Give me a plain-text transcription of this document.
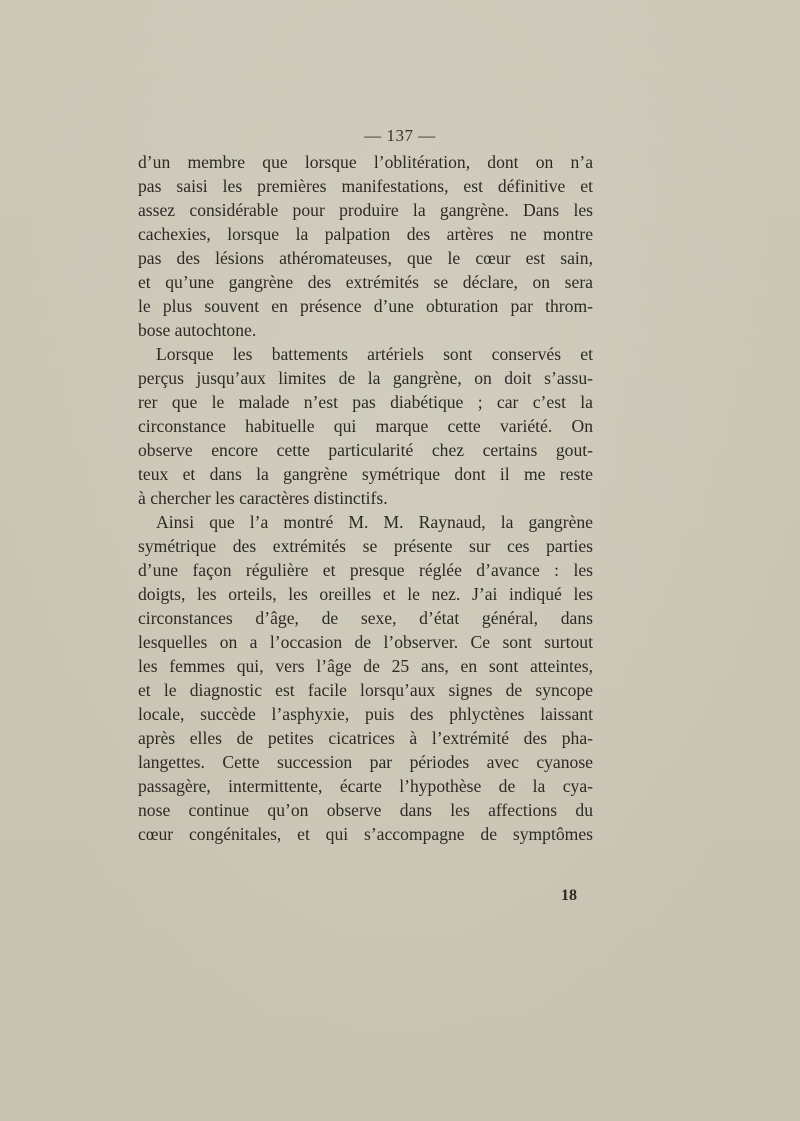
— 137 —
d’un membre que lorsque l’oblitération, dont on n’a
pas saisi les premières manifestations, est définitive et
assez considérable pour produire la gangrène. Dans les
cachexies, lorsque la palpation des artères ne montre
pas des lésions athéromateuses, que le cœur est sain,
et qu’une gangrène des extrémités se déclare, on sera
le plus souvent en présence d’une obturation par throm-
bose autochtone.
Lorsque les battements artériels sont conservés et
perçus jusqu’aux limites de la gangrène, on doit s’assu-
rer que le malade n’est pas diabétique ; car c’est la
circonstance habituelle qui marque cette variété. On
observe encore cette particularité chez certains gout-
teux et dans la gangrène symétrique dont il me reste
à chercher les caractères distinctifs.
Ainsi que l’a montré M. M. Raynaud, la gangrène
symétrique des extrémités se présente sur ces parties
d’une façon régulière et presque réglée d’avance : les
doigts, les orteils, les oreilles et le nez. J’ai indiqué les
circonstances d’âge, de sexe, d’état général, dans
lesquelles on a l’occasion de l’observer. Ce sont surtout
les femmes qui, vers l’âge de 25 ans, en sont atteintes,
et le diagnostic est facile lorsqu’aux signes de syncope
locale, succède l’asphyxie, puis des phlyctènes laissant
après elles de petites cicatrices à l’extrémité des pha-
langettes. Cette succession par périodes avec cyanose
passagère, intermittente, écarte l’hypothèse de la cya-
nose continue qu’on observe dans les affections du
cœur congénitales, et qui s’accompagne de symptômes
18
